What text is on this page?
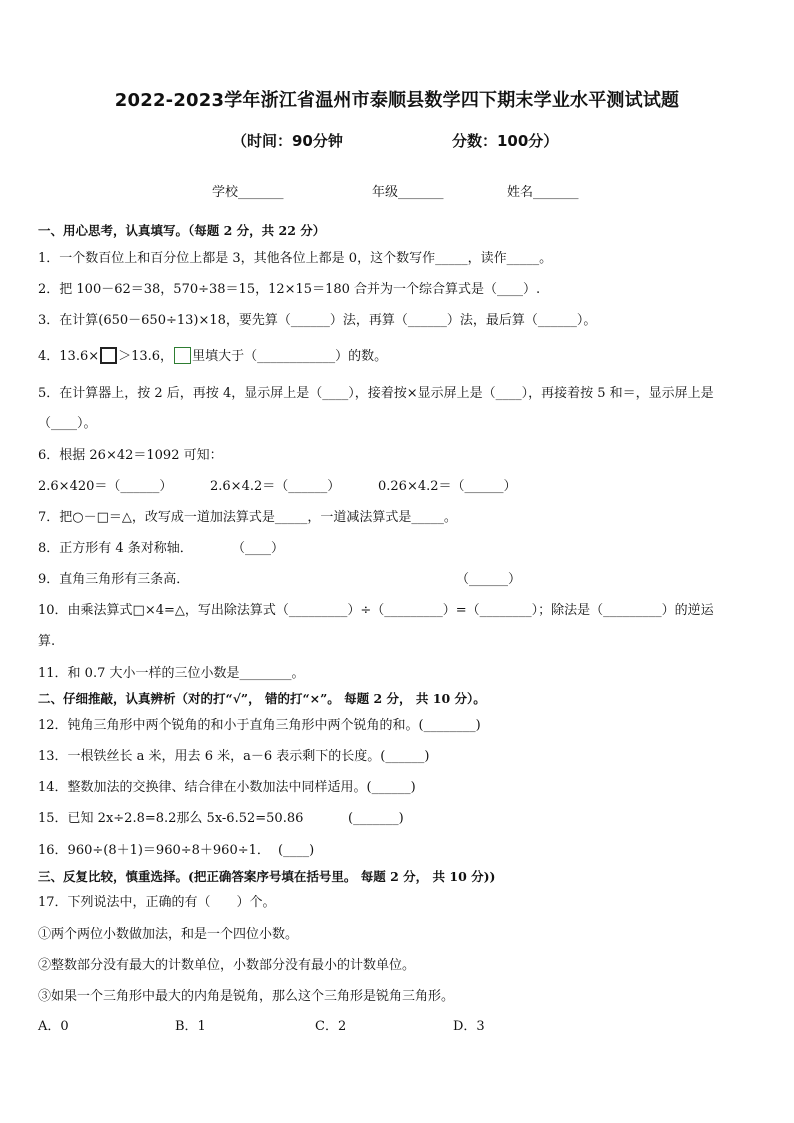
2022-2023学年浙江省温州市泰顺县数学四下期末学业水平测试试题
（时间：90分钟	分数：100分）
学校_______	年级_______	姓名_______
一、用心思考，认真填写。（每题 2 分，共 22 分）
1．一个数百位上和百分位上都是 3，其他各位上都是 0，这个数写作_____，读作_____。
2．把 100－62＝38，570÷38＝15，12×15＝180 合并为一个综合算式是（____）.
3．在计算(650－650÷13)×18，要先算（______）法，再算（______）法，最后算（______）。
4．13.6× ＞13.6， 里填大于（____________）的数。
5．在计算器上，按 2 后，再按 4，显示屏上是（____），接着按×显示屏上是（____），再接着按 5 和＝，显示屏上是
（____）。
6．根据 26×42＝1092 可知：
2.6×420＝（______）	2.6×4.2＝（______）	0.26×4.2＝（______）
7．把○－□＝△，改写成一道加法算式是_____，一道减法算式是_____。
8．正方形有 4 条对称轴．	（____）
9．直角三角形有三条高．	（______）
10．由乘法算式□×4=△，写出除法算式（_________）÷（_________）=（________）；除法是（_________）的逆运
算.
11．和 0.7 大小一样的三位小数是________。
二、仔细推敲，认真辨析（对的打“√”， 错的打“×”。 每题 2 分， 共 10 分）。
12．钝角三角形中两个锐角的和小于直角三角形中两个锐角的和。(________)
13．一根铁丝长 a 米，用去 6 米，a－6 表示剩下的长度。(______)
14．整数加法的交换律、结合律在小数加法中同样适用。(______)
15．已知 2x÷2.8=8.2那么 5x-6.52=50.86	(_______)
16．960÷(8＋1)＝960÷8＋960÷1． (____)
三、反复比较，慎重选择。(把正确答案序号填在括号里。 每题 2 分， 共 10 分))
17．下列说法中，正确的有（　　）个。
①两个两位小数做加法，和是一个四位小数。
②整数部分没有最大的计数单位，小数部分没有最小的计数单位。
③如果一个三角形中最大的内角是锐角，那么这个三角形是锐角三角形。
A．0	B．1	C．2	D．3
